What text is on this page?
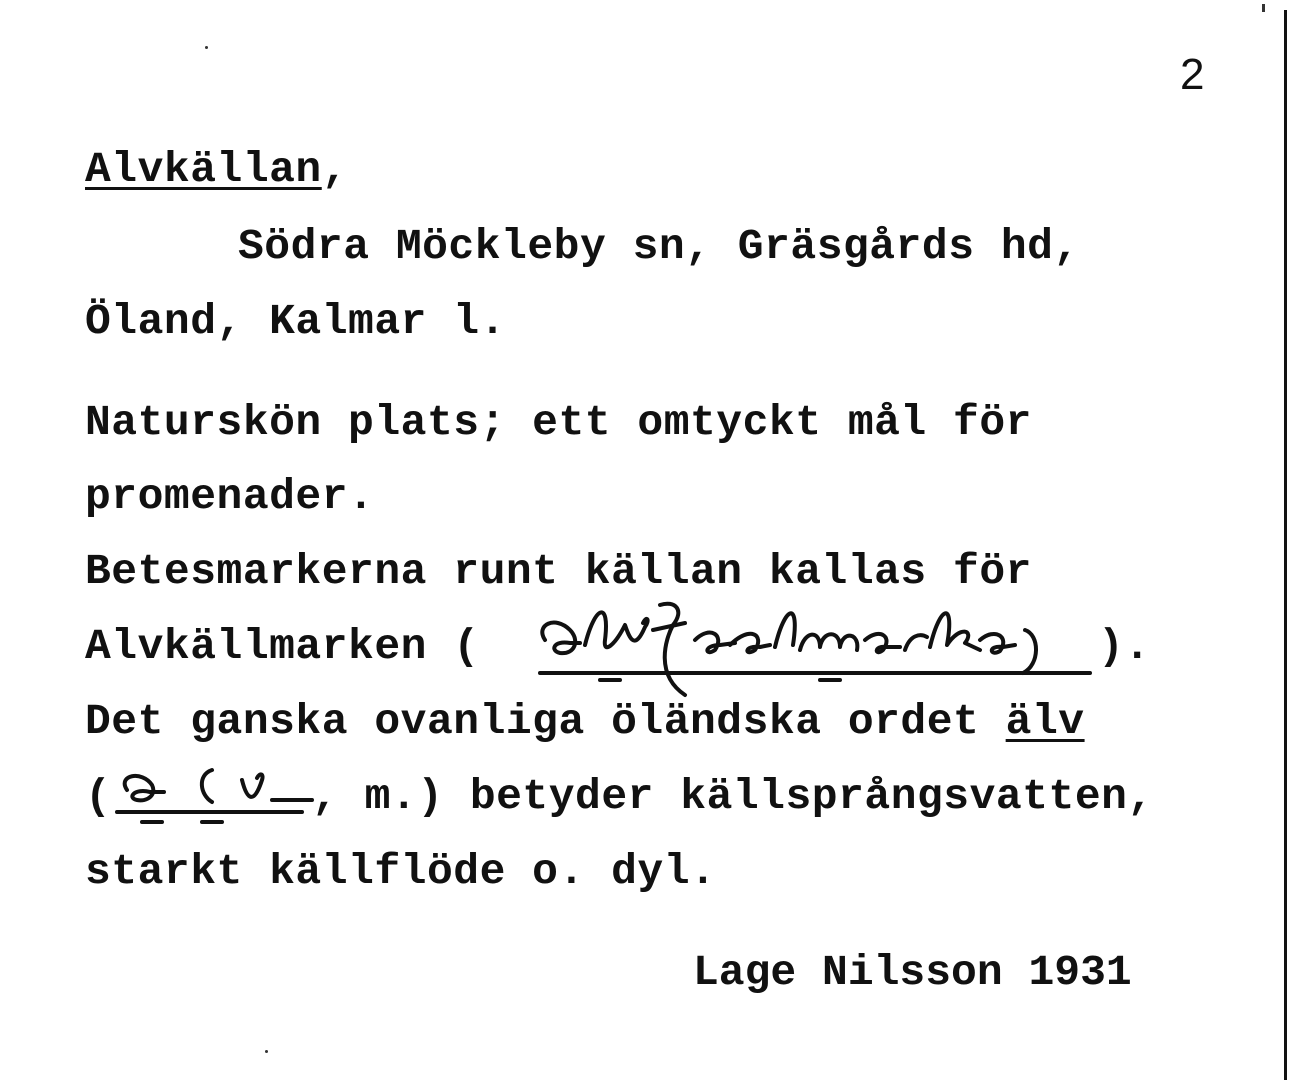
2
Alvkällan,
Södra Möckleby sn, Gräsgårds hd,
Öland, Kalmar l.
Naturskön plats; ett omtyckt mål för
promenader.
Betesmarkerna runt källan kallas för
Alvkällmarken (	).
Det ganska ovanliga öländska ordet älv
(	, m.) betyder källsprångsvatten,
starkt källflöde o. dyl.
Lage Nilsson 1931
